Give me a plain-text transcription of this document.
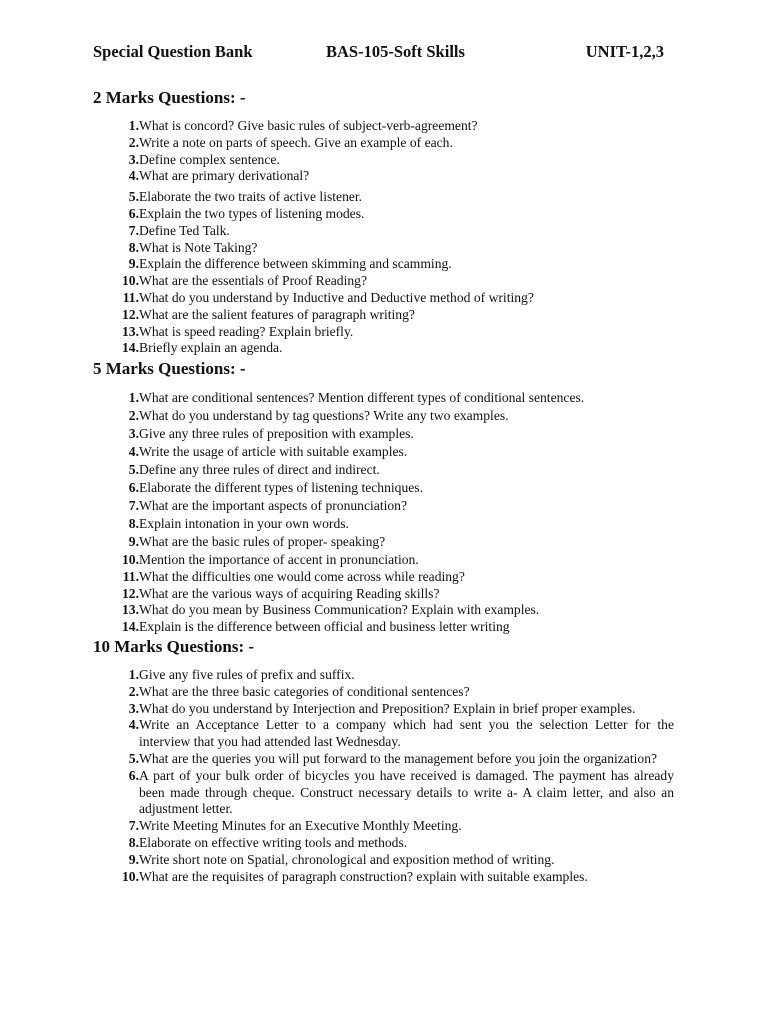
Special Question Bank	BAS-105-Soft Skills	UNIT-1,2,3
2 Marks Questions: -
1. What is concord? Give basic rules of subject-verb-agreement?
2. Write a note on parts of speech. Give an example of each.
3. Define complex sentence.
4. What are primary derivational?
5. Elaborate the two traits of active listener.
6. Explain the two types of listening modes.
7. Define Ted Talk.
8. What is Note Taking?
9. Explain the difference between skimming and scamming.
10. What are the essentials of Proof Reading?
11. What do you understand by Inductive and Deductive method of writing?
12. What are the salient features of paragraph writing?
13. What is speed reading? Explain briefly.
14. Briefly explain an agenda.
5 Marks Questions: -
1. What are conditional sentences? Mention different types of conditional sentences.
2. What do you understand by tag questions? Write any two examples.
3. Give any three rules of preposition with examples.
4. Write the usage of article with suitable examples.
5. Define any three rules of direct and indirect.
6. Elaborate the different types of listening techniques.
7. What are the important aspects of pronunciation?
8. Explain intonation in your own words.
9. What are the basic rules of proper- speaking?
10. Mention the importance of accent in pronunciation.
11. What the difficulties one would come across while reading?
12. What are the various ways of acquiring Reading skills?
13. What do you mean by Business Communication? Explain with examples.
14. Explain is the difference between official and business letter writing
10 Marks Questions: -
1. Give any five rules of prefix and suffix.
2. What are the three basic categories of conditional sentences?
3. What do you understand by Interjection and Preposition? Explain in brief proper examples.
4. Write an Acceptance Letter to a company which had sent you the selection Letter for the interview that you had attended last Wednesday.
5. What are the queries you will put forward to the management before you join the organization?
6. A part of your bulk order of bicycles you have received is damaged. The payment has already been made through cheque. Construct necessary details to write a- A claim letter, and also an adjustment letter.
7. Write Meeting Minutes for an Executive Monthly Meeting.
8. Elaborate on effective writing tools and methods.
9. Write short note on Spatial, chronological and exposition method of writing.
10. What are the requisites of paragraph construction? explain with suitable examples.
